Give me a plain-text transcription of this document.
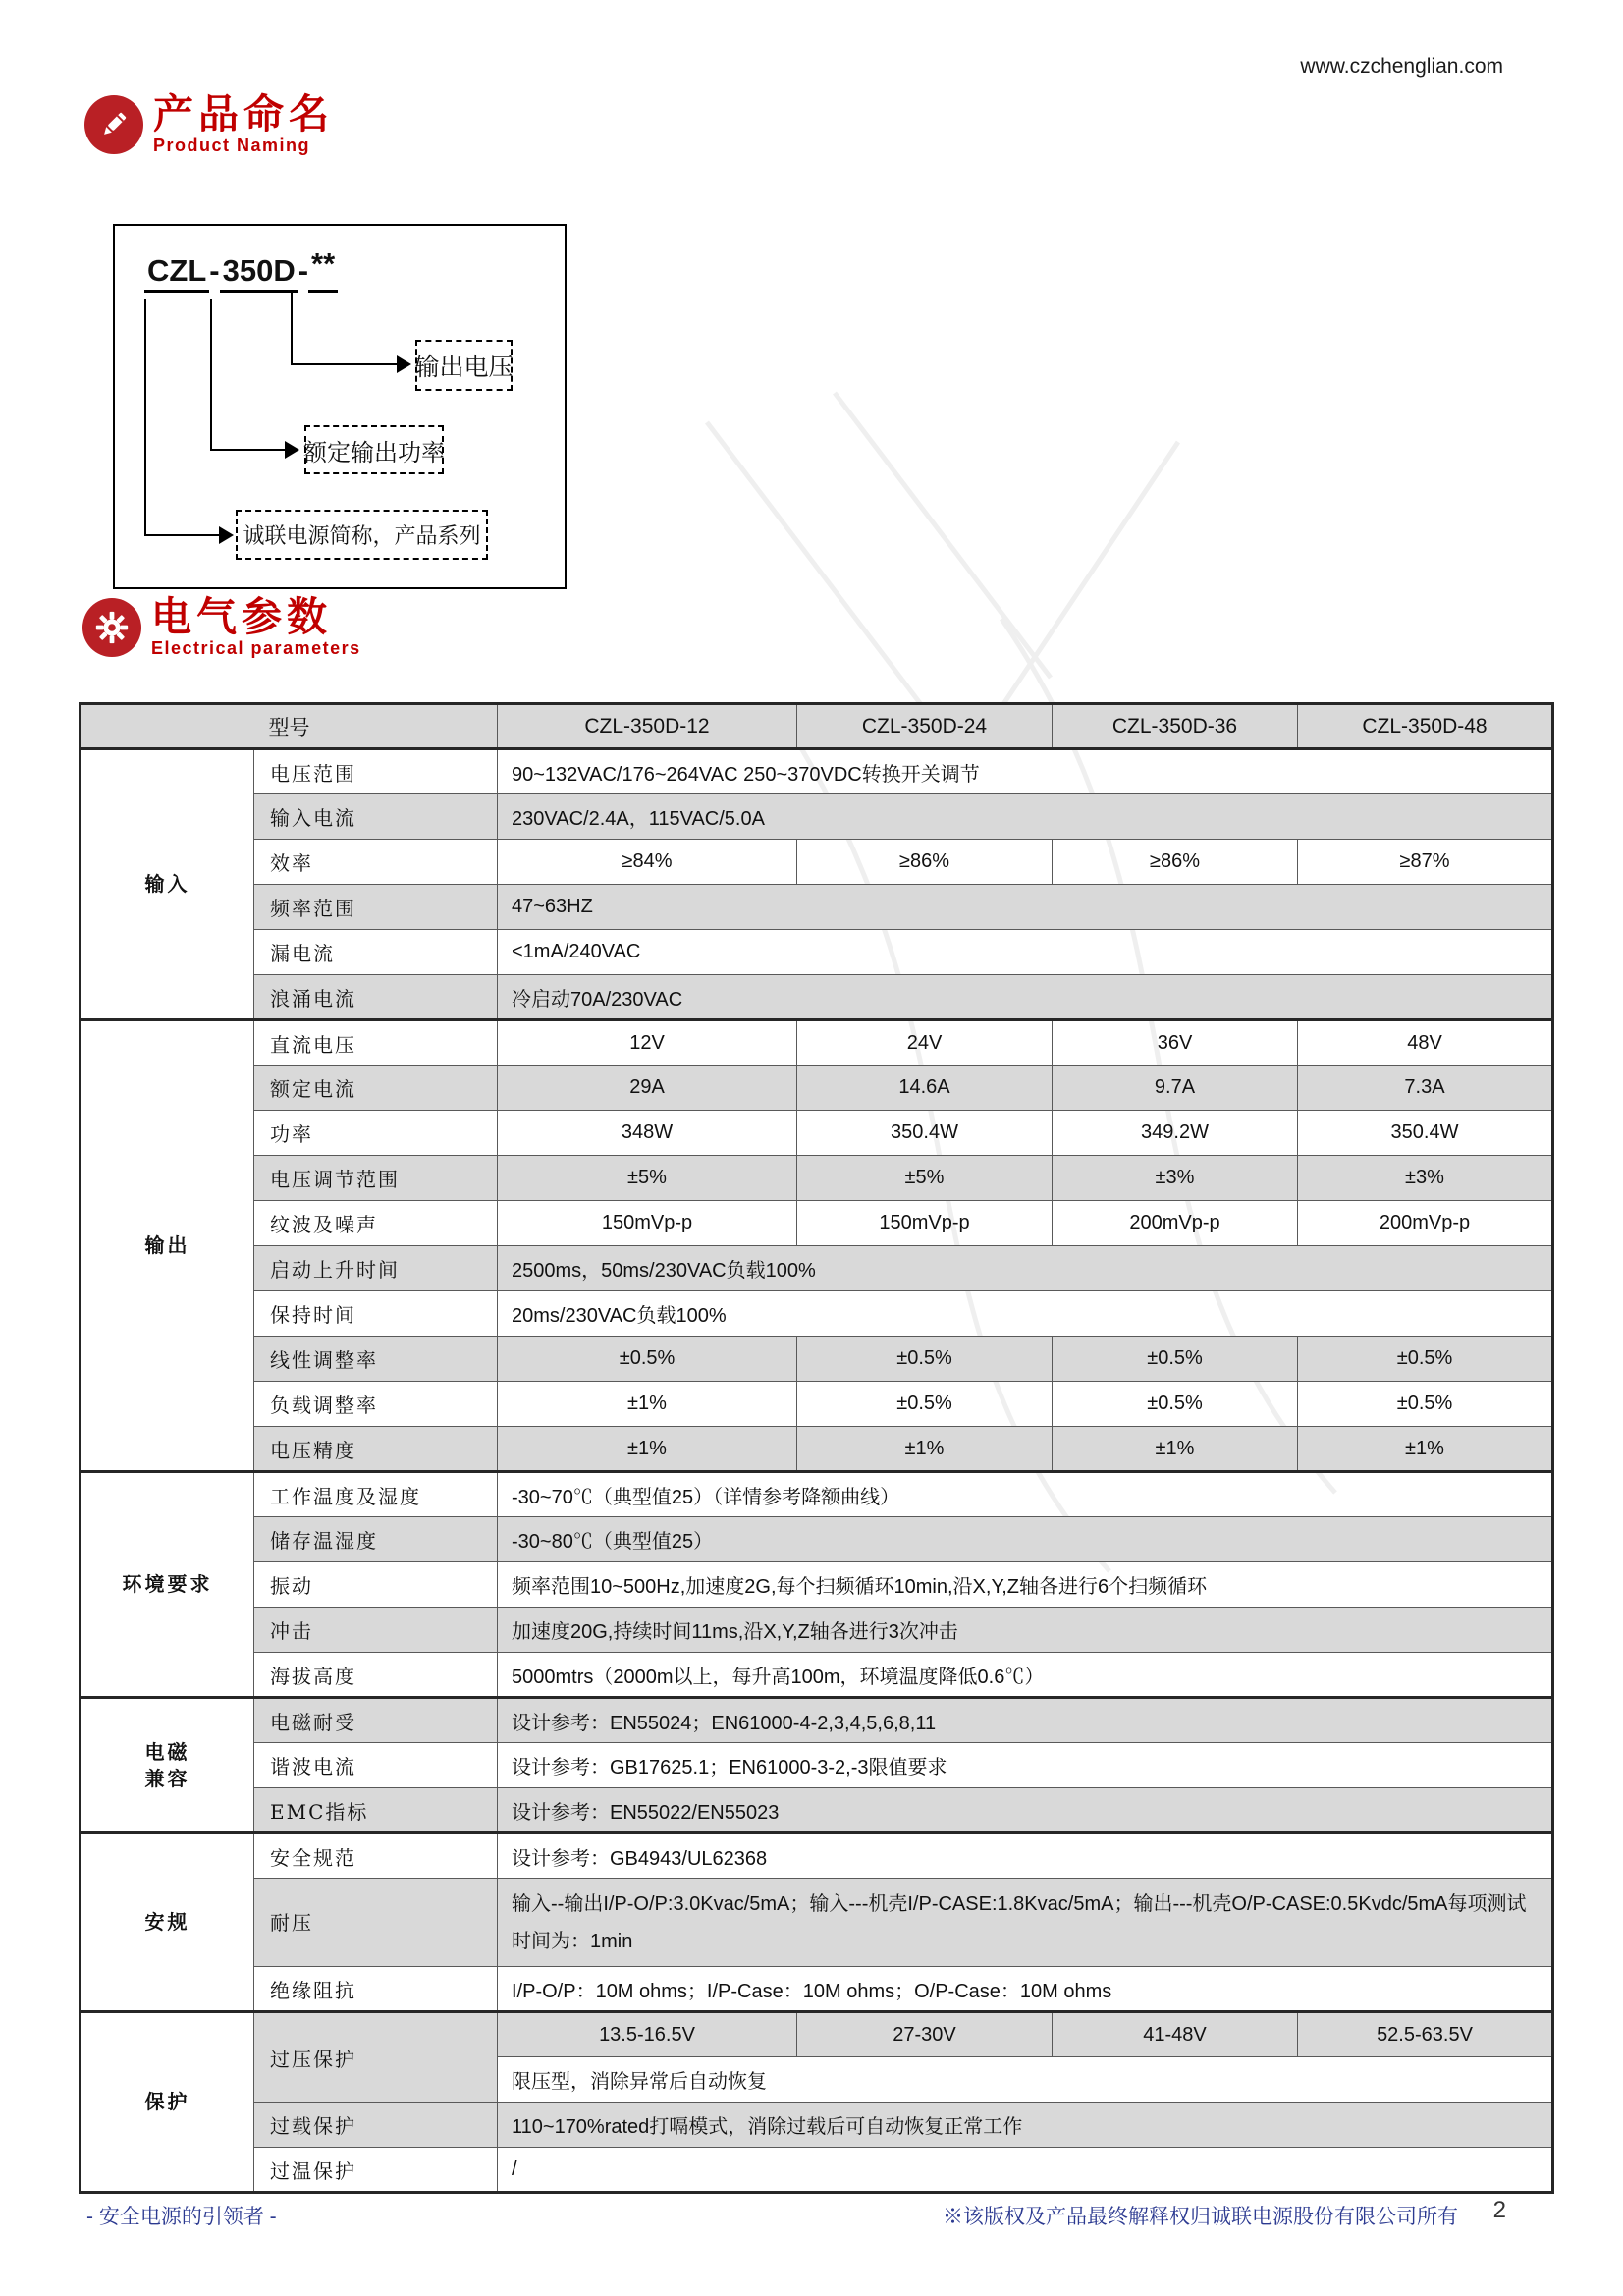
www.czchenglian.com
产品命名
Product Naming
CZL-350D-**
诚联电源简称，产品系列
额定输出功率
输出电压
电气参数
Electrical parameters
型号		CZL-350D-12	CZL-350D-24	CZL-350D-36	CZL-350D-48
输入	电压范围	90~132VAC/176~264VAC 250~370VDC转换开关调节			
	输入电流	230VAC/2.4A，115VAC/5.0A			
	效率	≥84%	≥86%	≥86%	≥87%
	频率范围	47~63HZ			
	漏电流	<1mA/240VAC			
	浪涌电流	冷启动70A/230VAC			
输出	直流电压	12V	24V	36V	48V
	额定电流	29A	14.6A	9.7A	7.3A
	功率	348W	350.4W	349.2W	350.4W
	电压调节范围	±5%	±5%	±3%	±3%
	纹波及噪声	150mVp-p	150mVp-p	200mVp-p	200mVp-p
	启动上升时间	2500ms，50ms/230VAC负载100%			
	保持时间	20ms/230VAC负载100%			
	线性调整率	±0.5%	±0.5%	±0.5%	±0.5%
	负载调整率	±1%	±0.5%	±0.5%	±0.5%
	电压精度	±1%	±1%	±1%	±1%
环境要求	工作温度及湿度	-30~70℃（典型值25）（详情参考降额曲线）			
	储存温湿度	-30~80℃（典型值25）			
	振动	频率范围10~500Hz,加速度2G,每个扫频循环10min,沿X,Y,Z轴各进行6个扫频循环			
	冲击	加速度20G,持续时间11ms,沿X,Y,Z轴各进行3次冲击			
	海拔高度	5000mtrs（2000m以上，每升高100m，环境温度降低0.6℃）			
电磁
兼容	电磁耐受	设计参考：EN55024；EN61000-4-2,3,4,5,6,8,11			
	谐波电流	设计参考：GB17625.1；EN61000-3-2,-3限值要求			
	EMC指标	设计参考：EN55022/EN55023			
安规	安全规范	设计参考：GB4943/UL62368			
	耐压	输入--输出I/P-O/P:3.0Kvac/5mA；输入---机壳I/P-CASE:1.8Kvac/5mA；输出---机壳O/P-CASE:0.5Kvdc/5mA每项测试时间为：1min			
	绝缘阻抗	I/P-O/P：10M ohms；I/P-Case：10M ohms；O/P-Case：10M ohms			
保护	过压保护	13.5-16.5V	27-30V	41-48V	52.5-63.5V
		限压型，消除异常后自动恢复			
	过载保护	110~170%rated打嗝模式，消除过载后可自动恢复正常工作			
	过温保护	/			
- 安全电源的引领者 -	※该版权及产品最终解释权归诚联电源股份有限公司所有 2
